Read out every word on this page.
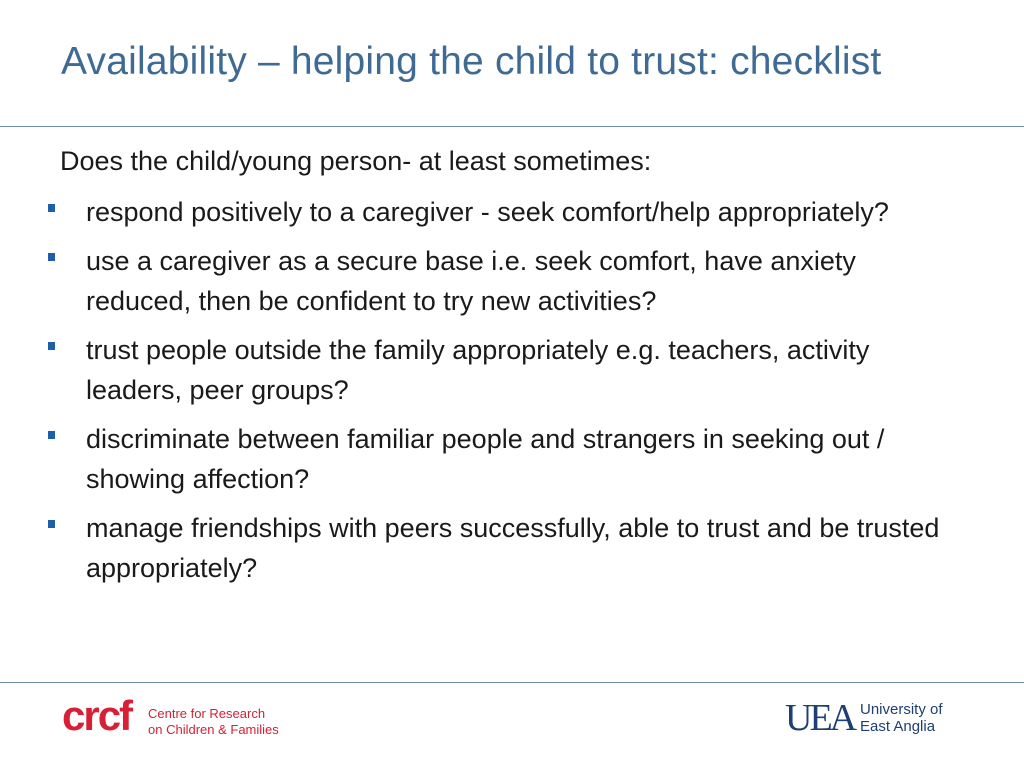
Availability – helping the child to trust: checklist
Does the child/young person- at least sometimes:
respond positively to a caregiver - seek comfort/help appropriately?
use a caregiver as a secure base i.e. seek comfort, have anxiety reduced, then be confident to try new activities?
trust people outside the family appropriately e.g. teachers, activity leaders, peer groups?
discriminate between familiar people and strangers in seeking out / showing affection?
manage friendships with peers successfully, able to trust and be trusted appropriately?
crcf Centre for Research
on Children & Families	UEA University of
East Anglia
